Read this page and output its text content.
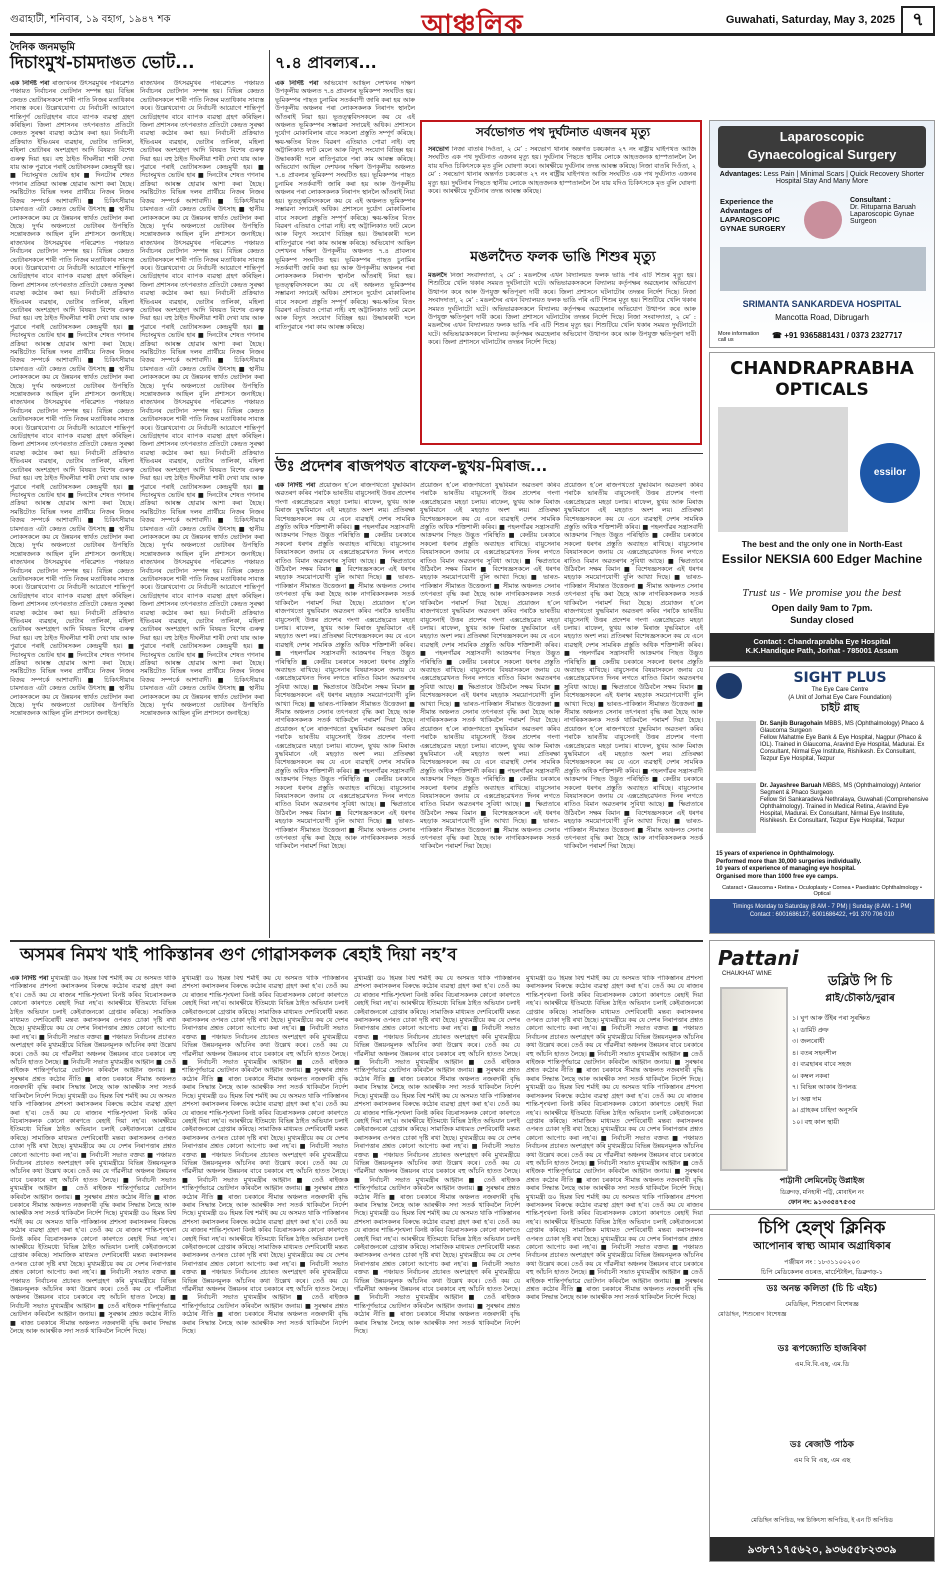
গুৱাহাটী, শনিবাৰ, ১৯ বহাগ, ১৯৪৭ শক	আঞ্চলিক	Guwahati, Saturday, May 3, 2025 ৭
দৈনিক জনমভূমি
দিচাংমুখ-চামদাঙত ভোট...
এক নিৰ্দিষ্ট পৰা ৰাজ্যখনৰ উৎসৱমুখৰ পৰিৱেশত পঞ্চায়ত নিৰ্বাচনৰ ভোটদান সম্পন্ন হয়। বিভিন্ন কেন্দ্ৰত ভোটাৰসকলে শাৰী পাতি নিজৰ মতাধিকাৰ সাব্যস্ত কৰে। উল্লেখযোগ্য যে নিৰ্বাচনী আয়োগে শান্তিপূৰ্ণ ভোটগ্ৰহণৰ বাবে ব্যাপক ব্যৱস্থা গ্ৰহণ কৰিছিল। জিলা প্ৰশাসনৰ তৎপৰতাত প্ৰতিটো কেন্দ্ৰত সুৰক্ষা ব্যৱস্থা কঠোৰ কৰা হয়। নিৰ্বাচনী প্ৰক্ৰিয়াত ইভিএমৰ ব্যৱহাৰ, ভোটাৰ তালিকা, মহিলা ভোটাৰৰ অংশগ্ৰহণ আদি বিষয়ত বিশেষ গুৰুত্ব দিয়া হয়। বহু ঠাইত দীঘলীয়া শাৰী দেখা যায় আৰু পুৱাৰে পৰাই ভোটাৰসকল কেন্দ্ৰমুখী হয়। ■ দিচাংমুখত ভোটৰ হাৰ ■ দিনটোৰ শেষত গণনাৰ প্ৰক্ৰিয়া আৰম্ভ হোৱাৰ আশা কৰা হৈছে। সমষ্টিটোত বিভিন্ন দলৰ প্ৰাৰ্থীয়ে নিজৰ নিজৰ বিজয় সম্পৰ্কে আশাবাদী। ■ চিকিৎসীয়াৰ চামদাঙত এটা কেন্দ্ৰত ভোটৰ উৎসাহ ■ স্থানীয় লোকসকলে কয় যে উন্নয়নৰ স্বাৰ্থত ভোটদান কৰা হৈছে। দুৰ্গম অঞ্চলতো ভোটাৰৰ উপস্থিতি সন্তোষজনক আছিল বুলি প্ৰশাসনে জনাইছে। ৰাজ্যখনৰ উৎসৱমুখৰ পৰিৱেশত পঞ্চায়ত নিৰ্বাচনৰ ভোটদান সম্পন্ন হয়। বিভিন্ন কেন্দ্ৰত ভোটাৰসকলে শাৰী পাতি নিজৰ মতাধিকাৰ সাব্যস্ত কৰে। উল্লেখযোগ্য যে নিৰ্বাচনী আয়োগে শান্তিপূৰ্ণ ভোটগ্ৰহণৰ বাবে ব্যাপক ব্যৱস্থা গ্ৰহণ কৰিছিল। জিলা প্ৰশাসনৰ তৎপৰতাত প্ৰতিটো কেন্দ্ৰত সুৰক্ষা ব্যৱস্থা কঠোৰ কৰা হয়। নিৰ্বাচনী প্ৰক্ৰিয়াত ইভিএমৰ ব্যৱহাৰ, ভোটাৰ তালিকা, মহিলা ভোটাৰৰ অংশগ্ৰহণ আদি বিষয়ত বিশেষ গুৰুত্ব দিয়া হয়। বহু ঠাইত দীঘলীয়া শাৰী দেখা যায় আৰু পুৱাৰে পৰাই ভোটাৰসকল কেন্দ্ৰমুখী হয়। ■ দিচাংমুখত ভোটৰ হাৰ ■ দিনটোৰ শেষত গণনাৰ প্ৰক্ৰিয়া আৰম্ভ হোৱাৰ আশা কৰা হৈছে। সমষ্টিটোত বিভিন্ন দলৰ প্ৰাৰ্থীয়ে নিজৰ নিজৰ বিজয় সম্পৰ্কে আশাবাদী। ■ চিকিৎসীয়াৰ চামদাঙত এটা কেন্দ্ৰত ভোটৰ উৎসাহ ■ স্থানীয় লোকসকলে কয় যে উন্নয়নৰ স্বাৰ্থত ভোটদান কৰা হৈছে। দুৰ্গম অঞ্চলতো ভোটাৰৰ উপস্থিতি সন্তোষজনক আছিল বুলি প্ৰশাসনে জনাইছে। ৰাজ্যখনৰ উৎসৱমুখৰ পৰিৱেশত পঞ্চায়ত নিৰ্বাচনৰ ভোটদান সম্পন্ন হয়। বিভিন্ন কেন্দ্ৰত ভোটাৰসকলে শাৰী পাতি নিজৰ মতাধিকাৰ সাব্যস্ত কৰে। উল্লেখযোগ্য যে নিৰ্বাচনী আয়োগে শান্তিপূৰ্ণ ভোটগ্ৰহণৰ বাবে ব্যাপক ব্যৱস্থা গ্ৰহণ কৰিছিল। জিলা প্ৰশাসনৰ তৎপৰতাত প্ৰতিটো কেন্দ্ৰত সুৰক্ষা ব্যৱস্থা কঠোৰ কৰা হয়। নিৰ্বাচনী প্ৰক্ৰিয়াত ইভিএমৰ ব্যৱহাৰ, ভোটাৰ তালিকা, মহিলা ভোটাৰৰ অংশগ্ৰহণ আদি বিষয়ত বিশেষ গুৰুত্ব দিয়া হয়। বহু ঠাইত দীঘলীয়া শাৰী দেখা যায় আৰু পুৱাৰে পৰাই ভোটাৰসকল কেন্দ্ৰমুখী হয়। ■ দিচাংমুখত ভোটৰ হাৰ ■ দিনটোৰ শেষত গণনাৰ প্ৰক্ৰিয়া আৰম্ভ হোৱাৰ আশা কৰা হৈছে। সমষ্টিটোত বিভিন্ন দলৰ প্ৰাৰ্থীয়ে নিজৰ নিজৰ বিজয় সম্পৰ্কে আশাবাদী। ■ চিকিৎসীয়াৰ চামদাঙত এটা কেন্দ্ৰত ভোটৰ উৎসাহ ■ স্থানীয় লোকসকলে কয় যে উন্নয়নৰ স্বাৰ্থত ভোটদান কৰা হৈছে। দুৰ্গম অঞ্চলতো ভোটাৰৰ উপস্থিতি সন্তোষজনক আছিল বুলি প্ৰশাসনে জনাইছে। ৰাজ্যখনৰ উৎসৱমুখৰ পৰিৱেশত পঞ্চায়ত নিৰ্বাচনৰ ভোটদান সম্পন্ন হয়। বিভিন্ন কেন্দ্ৰত ভোটাৰসকলে শাৰী পাতি নিজৰ মতাধিকাৰ সাব্যস্ত কৰে। উল্লেখযোগ্য যে নিৰ্বাচনী আয়োগে শান্তিপূৰ্ণ ভোটগ্ৰহণৰ বাবে ব্যাপক ব্যৱস্থা গ্ৰহণ কৰিছিল। জিলা প্ৰশাসনৰ তৎপৰতাত প্ৰতিটো কেন্দ্ৰত সুৰক্ষা ব্যৱস্থা কঠোৰ কৰা হয়। নিৰ্বাচনী প্ৰক্ৰিয়াত ইভিএমৰ ব্যৱহাৰ, ভোটাৰ তালিকা, মহিলা ভোটাৰৰ অংশগ্ৰহণ আদি বিষয়ত বিশেষ গুৰুত্ব দিয়া হয়। বহু ঠাইত দীঘলীয়া শাৰী দেখা যায় আৰু পুৱাৰে পৰাই ভোটাৰসকল কেন্দ্ৰমুখী হয়। ■ দিচাংমুখত ভোটৰ হাৰ ■ দিনটোৰ শেষত গণনাৰ প্ৰক্ৰিয়া আৰম্ভ হোৱাৰ আশা কৰা হৈছে। সমষ্টিটোত বিভিন্ন দলৰ প্ৰাৰ্থীয়ে নিজৰ নিজৰ বিজয় সম্পৰ্কে আশাবাদী। ■ চিকিৎসীয়াৰ চামদাঙত এটা কেন্দ্ৰত ভোটৰ উৎসাহ ■ স্থানীয় লোকসকলে কয় যে উন্নয়নৰ স্বাৰ্থত ভোটদান কৰা হৈছে। দুৰ্গম অঞ্চলতো ভোটাৰৰ উপস্থিতি সন্তোষজনক আছিল বুলি প্ৰশাসনে জনাইছে।
ৰাজ্যখনৰ উৎসৱমুখৰ পৰিৱেশত পঞ্চায়ত নিৰ্বাচনৰ ভোটদান সম্পন্ন হয়। বিভিন্ন কেন্দ্ৰত ভোটাৰসকলে শাৰী পাতি নিজৰ মতাধিকাৰ সাব্যস্ত কৰে। উল্লেখযোগ্য যে নিৰ্বাচনী আয়োগে শান্তিপূৰ্ণ ভোটগ্ৰহণৰ বাবে ব্যাপক ব্যৱস্থা গ্ৰহণ কৰিছিল। জিলা প্ৰশাসনৰ তৎপৰতাত প্ৰতিটো কেন্দ্ৰত সুৰক্ষা ব্যৱস্থা কঠোৰ কৰা হয়। নিৰ্বাচনী প্ৰক্ৰিয়াত ইভিএমৰ ব্যৱহাৰ, ভোটাৰ তালিকা, মহিলা ভোটাৰৰ অংশগ্ৰহণ আদি বিষয়ত বিশেষ গুৰুত্ব দিয়া হয়। বহু ঠাইত দীঘলীয়া শাৰী দেখা যায় আৰু পুৱাৰে পৰাই ভোটাৰসকল কেন্দ্ৰমুখী হয়। ■ দিচাংমুখত ভোটৰ হাৰ ■ দিনটোৰ শেষত গণনাৰ প্ৰক্ৰিয়া আৰম্ভ হোৱাৰ আশা কৰা হৈছে। সমষ্টিটোত বিভিন্ন দলৰ প্ৰাৰ্থীয়ে নিজৰ নিজৰ বিজয় সম্পৰ্কে আশাবাদী। ■ চিকিৎসীয়াৰ চামদাঙত এটা কেন্দ্ৰত ভোটৰ উৎসাহ ■ স্থানীয় লোকসকলে কয় যে উন্নয়নৰ স্বাৰ্থত ভোটদান কৰা হৈছে। দুৰ্গম অঞ্চলতো ভোটাৰৰ উপস্থিতি সন্তোষজনক আছিল বুলি প্ৰশাসনে জনাইছে। ৰাজ্যখনৰ উৎসৱমুখৰ পৰিৱেশত পঞ্চায়ত নিৰ্বাচনৰ ভোটদান সম্পন্ন হয়। বিভিন্ন কেন্দ্ৰত ভোটাৰসকলে শাৰী পাতি নিজৰ মতাধিকাৰ সাব্যস্ত কৰে। উল্লেখযোগ্য যে নিৰ্বাচনী আয়োগে শান্তিপূৰ্ণ ভোটগ্ৰহণৰ বাবে ব্যাপক ব্যৱস্থা গ্ৰহণ কৰিছিল। জিলা প্ৰশাসনৰ তৎপৰতাত প্ৰতিটো কেন্দ্ৰত সুৰক্ষা ব্যৱস্থা কঠোৰ কৰা হয়। নিৰ্বাচনী প্ৰক্ৰিয়াত ইভিএমৰ ব্যৱহাৰ, ভোটাৰ তালিকা, মহিলা ভোটাৰৰ অংশগ্ৰহণ আদি বিষয়ত বিশেষ গুৰুত্ব দিয়া হয়। বহু ঠাইত দীঘলীয়া শাৰী দেখা যায় আৰু পুৱাৰে পৰাই ভোটাৰসকল কেন্দ্ৰমুখী হয়। ■ দিচাংমুখত ভোটৰ হাৰ ■ দিনটোৰ শেষত গণনাৰ প্ৰক্ৰিয়া আৰম্ভ হোৱাৰ আশা কৰা হৈছে। সমষ্টিটোত বিভিন্ন দলৰ প্ৰাৰ্থীয়ে নিজৰ নিজৰ বিজয় সম্পৰ্কে আশাবাদী। ■ চিকিৎসীয়াৰ চামদাঙত এটা কেন্দ্ৰত ভোটৰ উৎসাহ ■ স্থানীয় লোকসকলে কয় যে উন্নয়নৰ স্বাৰ্থত ভোটদান কৰা হৈছে। দুৰ্গম অঞ্চলতো ভোটাৰৰ উপস্থিতি সন্তোষজনক আছিল বুলি প্ৰশাসনে জনাইছে। ৰাজ্যখনৰ উৎসৱমুখৰ পৰিৱেশত পঞ্চায়ত নিৰ্বাচনৰ ভোটদান সম্পন্ন হয়। বিভিন্ন কেন্দ্ৰত ভোটাৰসকলে শাৰী পাতি নিজৰ মতাধিকাৰ সাব্যস্ত কৰে। উল্লেখযোগ্য যে নিৰ্বাচনী আয়োগে শান্তিপূৰ্ণ ভোটগ্ৰহণৰ বাবে ব্যাপক ব্যৱস্থা গ্ৰহণ কৰিছিল। জিলা প্ৰশাসনৰ তৎপৰতাত প্ৰতিটো কেন্দ্ৰত সুৰক্ষা ব্যৱস্থা কঠোৰ কৰা হয়। নিৰ্বাচনী প্ৰক্ৰিয়াত ইভিএমৰ ব্যৱহাৰ, ভোটাৰ তালিকা, মহিলা ভোটাৰৰ অংশগ্ৰহণ আদি বিষয়ত বিশেষ গুৰুত্ব দিয়া হয়। বহু ঠাইত দীঘলীয়া শাৰী দেখা যায় আৰু পুৱাৰে পৰাই ভোটাৰসকল কেন্দ্ৰমুখী হয়। ■ দিচাংমুখত ভোটৰ হাৰ ■ দিনটোৰ শেষত গণনাৰ প্ৰক্ৰিয়া আৰম্ভ হোৱাৰ আশা কৰা হৈছে। সমষ্টিটোত বিভিন্ন দলৰ প্ৰাৰ্থীয়ে নিজৰ নিজৰ বিজয় সম্পৰ্কে আশাবাদী। ■ চিকিৎসীয়াৰ চামদাঙত এটা কেন্দ্ৰত ভোটৰ উৎসাহ ■ স্থানীয় লোকসকলে কয় যে উন্নয়নৰ স্বাৰ্থত ভোটদান কৰা হৈছে। দুৰ্গম অঞ্চলতো ভোটাৰৰ উপস্থিতি সন্তোষজনক আছিল বুলি প্ৰশাসনে জনাইছে। ৰাজ্যখনৰ উৎসৱমুখৰ পৰিৱেশত পঞ্চায়ত নিৰ্বাচনৰ ভোটদান সম্পন্ন হয়। বিভিন্ন কেন্দ্ৰত ভোটাৰসকলে শাৰী পাতি নিজৰ মতাধিকাৰ সাব্যস্ত কৰে। উল্লেখযোগ্য যে নিৰ্বাচনী আয়োগে শান্তিপূৰ্ণ ভোটগ্ৰহণৰ বাবে ব্যাপক ব্যৱস্থা গ্ৰহণ কৰিছিল। জিলা প্ৰশাসনৰ তৎপৰতাত প্ৰতিটো কেন্দ্ৰত সুৰক্ষা ব্যৱস্থা কঠোৰ কৰা হয়। নিৰ্বাচনী প্ৰক্ৰিয়াত ইভিএমৰ ব্যৱহাৰ, ভোটাৰ তালিকা, মহিলা ভোটাৰৰ অংশগ্ৰহণ আদি বিষয়ত বিশেষ গুৰুত্ব দিয়া হয়। বহু ঠাইত দীঘলীয়া শাৰী দেখা যায় আৰু পুৱাৰে পৰাই ভোটাৰসকল কেন্দ্ৰমুখী হয়। ■ দিচাংমুখত ভোটৰ হাৰ ■ দিনটোৰ শেষত গণনাৰ প্ৰক্ৰিয়া আৰম্ভ হোৱাৰ আশা কৰা হৈছে। সমষ্টিটোত বিভিন্ন দলৰ প্ৰাৰ্থীয়ে নিজৰ নিজৰ বিজয় সম্পৰ্কে আশাবাদী। ■ চিকিৎসীয়াৰ চামদাঙত এটা কেন্দ্ৰত ভোটৰ উৎসাহ ■ স্থানীয় লোকসকলে কয় যে উন্নয়নৰ স্বাৰ্থত ভোটদান কৰা হৈছে। দুৰ্গম অঞ্চলতো ভোটাৰৰ উপস্থিতি সন্তোষজনক আছিল বুলি প্ৰশাসনে জনাইছে।
৭.৪ প্ৰাবল্যৰ...
এক নিৰ্দিষ্ট পৰা অভিযোগ আছিল দেশখনৰ দক্ষিণ উপকূলীয় অঞ্চলত ৭.৪ প্ৰাবল্যৰ ভূমিকম্প সংঘটিত হয়। ভূমিকম্পৰ পাছত চুনামিৰ সতৰ্কবাণী জাৰি কৰা হয় আৰু উপকূলীয় অঞ্চলৰ পৰা লোকসকলক নিৰাপদ স্থানলৈ আঁতৰাই নিয়া হয়। ভূতত্ত্ববিদসকলে কয় যে এই অঞ্চলত ভূমিকম্পৰ সম্ভাৱনা সদায়েই অধিক। প্ৰশাসনে দুৰ্যোগ মোকাবিলাৰ বাবে সকলো প্ৰস্তুতি সম্পূৰ্ণ কৰিছে। ক্ষয়-ক্ষতিৰ বিতং বিৱৰণ এতিয়াও পোৱা নাই। বহু অট্টালিকাত ফাট মেলে আৰু বিদ্যুৎ সংযোগ বিচ্ছিন্ন হয়। উদ্ধাৰকাৰী দলে ৰাতিপুৱাৰে পৰা কাম আৰম্ভ কৰিছে। অভিযোগ আছিল দেশখনৰ দক্ষিণ উপকূলীয় অঞ্চলত ৭.৪ প্ৰাবল্যৰ ভূমিকম্প সংঘটিত হয়। ভূমিকম্পৰ পাছত চুনামিৰ সতৰ্কবাণী জাৰি কৰা হয় আৰু উপকূলীয় অঞ্চলৰ পৰা লোকসকলক নিৰাপদ স্থানলৈ আঁতৰাই নিয়া হয়। ভূতত্ত্ববিদসকলে কয় যে এই অঞ্চলত ভূমিকম্পৰ সম্ভাৱনা সদায়েই অধিক। প্ৰশাসনে দুৰ্যোগ মোকাবিলাৰ বাবে সকলো প্ৰস্তুতি সম্পূৰ্ণ কৰিছে। ক্ষয়-ক্ষতিৰ বিতং বিৱৰণ এতিয়াও পোৱা নাই। বহু অট্টালিকাত ফাট মেলে আৰু বিদ্যুৎ সংযোগ বিচ্ছিন্ন হয়। উদ্ধাৰকাৰী দলে ৰাতিপুৱাৰে পৰা কাম আৰম্ভ কৰিছে। অভিযোগ আছিল দেশখনৰ দক্ষিণ উপকূলীয় অঞ্চলত ৭.৪ প্ৰাবল্যৰ ভূমিকম্প সংঘটিত হয়। ভূমিকম্পৰ পাছত চুনামিৰ সতৰ্কবাণী জাৰি কৰা হয় আৰু উপকূলীয় অঞ্চলৰ পৰা লোকসকলক নিৰাপদ স্থানলৈ আঁতৰাই নিয়া হয়। ভূতত্ত্ববিদসকলে কয় যে এই অঞ্চলত ভূমিকম্পৰ সম্ভাৱনা সদায়েই অধিক। প্ৰশাসনে দুৰ্যোগ মোকাবিলাৰ বাবে সকলো প্ৰস্তুতি সম্পূৰ্ণ কৰিছে। ক্ষয়-ক্ষতিৰ বিতং বিৱৰণ এতিয়াও পোৱা নাই। বহু অট্টালিকাত ফাট মেলে আৰু বিদ্যুৎ সংযোগ বিচ্ছিন্ন হয়। উদ্ধাৰকাৰী দলে ৰাতিপুৱাৰে পৰা কাম আৰম্ভ কৰিছে।
সৰ্বভোগত পথ দুৰ্ঘটনাত এজনৰ মৃত্যু
সৰভোগ নিজা বাতৰি দিওঁতা, ২ মে’ : সৰভোগ থানাৰ অন্তৰ্গত চকচকাত ২৭ নং ৰাষ্ট্ৰীয় ঘাইপথত আজি সংঘটিত এক পথ দুৰ্ঘটনাত এজনৰ মৃত্যু হয়। দুৰ্ঘটনাৰ পিছতে স্থানীয় লোকে আহতজনক হাস্পতাললৈ লৈ যায় যদিও চিকিৎসকে মৃত বুলি ঘোষণা কৰে। আৰক্ষীয়ে দুৰ্ঘটনাৰ তদন্ত আৰম্ভ কৰিছে। নিজা বাতৰি দিওঁতা, ২ মে’ : সৰভোগ থানাৰ অন্তৰ্গত চকচকাত ২৭ নং ৰাষ্ট্ৰীয় ঘাইপথত আজি সংঘটিত এক পথ দুৰ্ঘটনাত এজনৰ মৃত্যু হয়। দুৰ্ঘটনাৰ পিছতে স্থানীয় লোকে আহতজনক হাস্পতাললৈ লৈ যায় যদিও চিকিৎসকে মৃত বুলি ঘোষণা কৰে। আৰক্ষীয়ে দুৰ্ঘটনাৰ তদন্ত আৰম্ভ কৰিছে।
মঙলদৈত ফলক ভাঙি শিশুৰ মৃত্যু
মঙলদৈ নিজা সংবাদদাতা, ২ মে’ : মঙলদৈৰ এখন বিদ্যালয়ত ফলক ভাঙি পৰি এটি শিশুৰ মৃত্যু হয়। শিশুটিয়ে খেলি থকাৰ সময়ত দুৰ্ঘটনাটো ঘটে। অভিভাৱকসকলে বিদ্যালয় কৰ্তৃপক্ষৰ অৱহেলাৰ অভিযোগ উত্থাপন কৰে আৰু উপযুক্ত ক্ষতিপূৰণ দাবী কৰে। জিলা প্ৰশাসনে ঘটনাটোৰ তদন্তৰ নিৰ্দেশ দিছে। নিজা সংবাদদাতা, ২ মে’ : মঙলদৈৰ এখন বিদ্যালয়ত ফলক ভাঙি পৰি এটি শিশুৰ মৃত্যু হয়। শিশুটিয়ে খেলি থকাৰ সময়ত দুৰ্ঘটনাটো ঘটে। অভিভাৱকসকলে বিদ্যালয় কৰ্তৃপক্ষৰ অৱহেলাৰ অভিযোগ উত্থাপন কৰে আৰু উপযুক্ত ক্ষতিপূৰণ দাবী কৰে। জিলা প্ৰশাসনে ঘটনাটোৰ তদন্তৰ নিৰ্দেশ দিছে। নিজা সংবাদদাতা, ২ মে’ : মঙলদৈৰ এখন বিদ্যালয়ত ফলক ভাঙি পৰি এটি শিশুৰ মৃত্যু হয়। শিশুটিয়ে খেলি থকাৰ সময়ত দুৰ্ঘটনাটো ঘটে। অভিভাৱকসকলে বিদ্যালয় কৰ্তৃপক্ষৰ অৱহেলাৰ অভিযোগ উত্থাপন কৰে আৰু উপযুক্ত ক্ষতিপূৰণ দাবী কৰে। জিলা প্ৰশাসনে ঘটনাটোৰ তদন্তৰ নিৰ্দেশ দিছে।
উঃ প্ৰদেশৰ ৰাজপথত ৰাফেল-ছুখয়-মিৰাজ...
এক নিৰ্দিষ্ট পৰা প্ৰয়োজন হ’লে ৰাজপথতো যুদ্ধবিমান অৱতৰণ কৰিব পৰাকৈ ভাৰতীয় বায়ুসেনাই উত্তৰ প্ৰদেশৰ গংগা এক্সপ্ৰেছৱেত মহড়া চলায়। ৰাফেল, ছুখয় আৰু মিৰাজ যুদ্ধবিমানে এই মহড়াত অংশ লয়। প্ৰতিৰক্ষা বিশেষজ্ঞসকলে কয় যে এনে ব্যৱস্থাই দেশৰ সামৰিক প্ৰস্তুতি অধিক শক্তিশালী কৰিব। ■ পহলগাঁৱৰ সন্ত্ৰাসবাদী আক্ৰমণৰ পিছত উদ্ভূত পৰিস্থিতি ■ কেন্দ্ৰীয় চৰকাৰে সকলো ধৰণৰ প্ৰস্তুতি অব্যাহত ৰাখিছে। বায়ুসেনাৰ বিষয়াসকলে জনায় যে এক্সপ্ৰেছৱেখনত দিনৰ লগতে ৰাতিও বিমান অৱতৰণৰ সুবিধা আছে। ■ ক্ষিপ্ৰতাৰে উঠিবলৈ সক্ষম বিমান ■ বিশেষজ্ঞসকলে এই ধৰণৰ মহড়াক সময়োপযোগী বুলি আখ্যা দিছে। ■ ভাৰত-পাকিস্তান সীমান্তত উত্তেজনা ■ সীমান্ত অঞ্চলত সেনাৰ তৎপৰতা বৃদ্ধি কৰা হৈছে আৰু নাগৰিকসকলক সতৰ্ক থাকিবলৈ পৰামৰ্শ দিয়া হৈছে। প্ৰয়োজন হ’লে ৰাজপথতো যুদ্ধবিমান অৱতৰণ কৰিব পৰাকৈ ভাৰতীয় বায়ুসেনাই উত্তৰ প্ৰদেশৰ গংগা এক্সপ্ৰেছৱেত মহড়া চলায়। ৰাফেল, ছুখয় আৰু মিৰাজ যুদ্ধবিমানে এই মহড়াত অংশ লয়। প্ৰতিৰক্ষা বিশেষজ্ঞসকলে কয় যে এনে ব্যৱস্থাই দেশৰ সামৰিক প্ৰস্তুতি অধিক শক্তিশালী কৰিব। ■ পহলগাঁৱৰ সন্ত্ৰাসবাদী আক্ৰমণৰ পিছত উদ্ভূত পৰিস্থিতি ■ কেন্দ্ৰীয় চৰকাৰে সকলো ধৰণৰ প্ৰস্তুতি অব্যাহত ৰাখিছে। বায়ুসেনাৰ বিষয়াসকলে জনায় যে এক্সপ্ৰেছৱেখনত দিনৰ লগতে ৰাতিও বিমান অৱতৰণৰ সুবিধা আছে। ■ ক্ষিপ্ৰতাৰে উঠিবলৈ সক্ষম বিমান ■ বিশেষজ্ঞসকলে এই ধৰণৰ মহড়াক সময়োপযোগী বুলি আখ্যা দিছে। ■ ভাৰত-পাকিস্তান সীমান্তত উত্তেজনা ■ সীমান্ত অঞ্চলত সেনাৰ তৎপৰতা বৃদ্ধি কৰা হৈছে আৰু নাগৰিকসকলক সতৰ্ক থাকিবলৈ পৰামৰ্শ দিয়া হৈছে। প্ৰয়োজন হ’লে ৰাজপথতো যুদ্ধবিমান অৱতৰণ কৰিব পৰাকৈ ভাৰতীয় বায়ুসেনাই উত্তৰ প্ৰদেশৰ গংগা এক্সপ্ৰেছৱেত মহড়া চলায়। ৰাফেল, ছুখয় আৰু মিৰাজ যুদ্ধবিমানে এই মহড়াত অংশ লয়। প্ৰতিৰক্ষা বিশেষজ্ঞসকলে কয় যে এনে ব্যৱস্থাই দেশৰ সামৰিক প্ৰস্তুতি অধিক শক্তিশালী কৰিব। ■ পহলগাঁৱৰ সন্ত্ৰাসবাদী আক্ৰমণৰ পিছত উদ্ভূত পৰিস্থিতি ■ কেন্দ্ৰীয় চৰকাৰে সকলো ধৰণৰ প্ৰস্তুতি অব্যাহত ৰাখিছে। বায়ুসেনাৰ বিষয়াসকলে জনায় যে এক্সপ্ৰেছৱেখনত দিনৰ লগতে ৰাতিও বিমান অৱতৰণৰ সুবিধা আছে। ■ ক্ষিপ্ৰতাৰে উঠিবলৈ সক্ষম বিমান ■ বিশেষজ্ঞসকলে এই ধৰণৰ মহড়াক সময়োপযোগী বুলি আখ্যা দিছে। ■ ভাৰত-পাকিস্তান সীমান্তত উত্তেজনা ■ সীমান্ত অঞ্চলত সেনাৰ তৎপৰতা বৃদ্ধি কৰা হৈছে আৰু নাগৰিকসকলক সতৰ্ক থাকিবলৈ পৰামৰ্শ দিয়া হৈছে।
প্ৰয়োজন হ’লে ৰাজপথতো যুদ্ধবিমান অৱতৰণ কৰিব পৰাকৈ ভাৰতীয় বায়ুসেনাই উত্তৰ প্ৰদেশৰ গংগা এক্সপ্ৰেছৱেত মহড়া চলায়। ৰাফেল, ছুখয় আৰু মিৰাজ যুদ্ধবিমানে এই মহড়াত অংশ লয়। প্ৰতিৰক্ষা বিশেষজ্ঞসকলে কয় যে এনে ব্যৱস্থাই দেশৰ সামৰিক প্ৰস্তুতি অধিক শক্তিশালী কৰিব। ■ পহলগাঁৱৰ সন্ত্ৰাসবাদী আক্ৰমণৰ পিছত উদ্ভূত পৰিস্থিতি ■ কেন্দ্ৰীয় চৰকাৰে সকলো ধৰণৰ প্ৰস্তুতি অব্যাহত ৰাখিছে। বায়ুসেনাৰ বিষয়াসকলে জনায় যে এক্সপ্ৰেছৱেখনত দিনৰ লগতে ৰাতিও বিমান অৱতৰণৰ সুবিধা আছে। ■ ক্ষিপ্ৰতাৰে উঠিবলৈ সক্ষম বিমান ■ বিশেষজ্ঞসকলে এই ধৰণৰ মহড়াক সময়োপযোগী বুলি আখ্যা দিছে। ■ ভাৰত-পাকিস্তান সীমান্তত উত্তেজনা ■ সীমান্ত অঞ্চলত সেনাৰ তৎপৰতা বৃদ্ধি কৰা হৈছে আৰু নাগৰিকসকলক সতৰ্ক থাকিবলৈ পৰামৰ্শ দিয়া হৈছে। প্ৰয়োজন হ’লে ৰাজপথতো যুদ্ধবিমান অৱতৰণ কৰিব পৰাকৈ ভাৰতীয় বায়ুসেনাই উত্তৰ প্ৰদেশৰ গংগা এক্সপ্ৰেছৱেত মহড়া চলায়। ৰাফেল, ছুখয় আৰু মিৰাজ যুদ্ধবিমানে এই মহড়াত অংশ লয়। প্ৰতিৰক্ষা বিশেষজ্ঞসকলে কয় যে এনে ব্যৱস্থাই দেশৰ সামৰিক প্ৰস্তুতি অধিক শক্তিশালী কৰিব। ■ পহলগাঁৱৰ সন্ত্ৰাসবাদী আক্ৰমণৰ পিছত উদ্ভূত পৰিস্থিতি ■ কেন্দ্ৰীয় চৰকাৰে সকলো ধৰণৰ প্ৰস্তুতি অব্যাহত ৰাখিছে। বায়ুসেনাৰ বিষয়াসকলে জনায় যে এক্সপ্ৰেছৱেখনত দিনৰ লগতে ৰাতিও বিমান অৱতৰণৰ সুবিধা আছে। ■ ক্ষিপ্ৰতাৰে উঠিবলৈ সক্ষম বিমান ■ বিশেষজ্ঞসকলে এই ধৰণৰ মহড়াক সময়োপযোগী বুলি আখ্যা দিছে। ■ ভাৰত-পাকিস্তান সীমান্তত উত্তেজনা ■ সীমান্ত অঞ্চলত সেনাৰ তৎপৰতা বৃদ্ধি কৰা হৈছে আৰু নাগৰিকসকলক সতৰ্ক থাকিবলৈ পৰামৰ্শ দিয়া হৈছে। প্ৰয়োজন হ’লে ৰাজপথতো যুদ্ধবিমান অৱতৰণ কৰিব পৰাকৈ ভাৰতীয় বায়ুসেনাই উত্তৰ প্ৰদেশৰ গংগা এক্সপ্ৰেছৱেত মহড়া চলায়। ৰাফেল, ছুখয় আৰু মিৰাজ যুদ্ধবিমানে এই মহড়াত অংশ লয়। প্ৰতিৰক্ষা বিশেষজ্ঞসকলে কয় যে এনে ব্যৱস্থাই দেশৰ সামৰিক প্ৰস্তুতি অধিক শক্তিশালী কৰিব। ■ পহলগাঁৱৰ সন্ত্ৰাসবাদী আক্ৰমণৰ পিছত উদ্ভূত পৰিস্থিতি ■ কেন্দ্ৰীয় চৰকাৰে সকলো ধৰণৰ প্ৰস্তুতি অব্যাহত ৰাখিছে। বায়ুসেনাৰ বিষয়াসকলে জনায় যে এক্সপ্ৰেছৱেখনত দিনৰ লগতে ৰাতিও বিমান অৱতৰণৰ সুবিধা আছে। ■ ক্ষিপ্ৰতাৰে উঠিবলৈ সক্ষম বিমান ■ বিশেষজ্ঞসকলে এই ধৰণৰ মহড়াক সময়োপযোগী বুলি আখ্যা দিছে। ■ ভাৰত-পাকিস্তান সীমান্তত উত্তেজনা ■ সীমান্ত অঞ্চলত সেনাৰ তৎপৰতা বৃদ্ধি কৰা হৈছে আৰু নাগৰিকসকলক সতৰ্ক থাকিবলৈ পৰামৰ্শ দিয়া হৈছে।
প্ৰয়োজন হ’লে ৰাজপথতো যুদ্ধবিমান অৱতৰণ কৰিব পৰাকৈ ভাৰতীয় বায়ুসেনাই উত্তৰ প্ৰদেশৰ গংগা এক্সপ্ৰেছৱেত মহড়া চলায়। ৰাফেল, ছুখয় আৰু মিৰাজ যুদ্ধবিমানে এই মহড়াত অংশ লয়। প্ৰতিৰক্ষা বিশেষজ্ঞসকলে কয় যে এনে ব্যৱস্থাই দেশৰ সামৰিক প্ৰস্তুতি অধিক শক্তিশালী কৰিব। ■ পহলগাঁৱৰ সন্ত্ৰাসবাদী আক্ৰমণৰ পিছত উদ্ভূত পৰিস্থিতি ■ কেন্দ্ৰীয় চৰকাৰে সকলো ধৰণৰ প্ৰস্তুতি অব্যাহত ৰাখিছে। বায়ুসেনাৰ বিষয়াসকলে জনায় যে এক্সপ্ৰেছৱেখনত দিনৰ লগতে ৰাতিও বিমান অৱতৰণৰ সুবিধা আছে। ■ ক্ষিপ্ৰতাৰে উঠিবলৈ সক্ষম বিমান ■ বিশেষজ্ঞসকলে এই ধৰণৰ মহড়াক সময়োপযোগী বুলি আখ্যা দিছে। ■ ভাৰত-পাকিস্তান সীমান্তত উত্তেজনা ■ সীমান্ত অঞ্চলত সেনাৰ তৎপৰতা বৃদ্ধি কৰা হৈছে আৰু নাগৰিকসকলক সতৰ্ক থাকিবলৈ পৰামৰ্শ দিয়া হৈছে। প্ৰয়োজন হ’লে ৰাজপথতো যুদ্ধবিমান অৱতৰণ কৰিব পৰাকৈ ভাৰতীয় বায়ুসেনাই উত্তৰ প্ৰদেশৰ গংগা এক্সপ্ৰেছৱেত মহড়া চলায়। ৰাফেল, ছুখয় আৰু মিৰাজ যুদ্ধবিমানে এই মহড়াত অংশ লয়। প্ৰতিৰক্ষা বিশেষজ্ঞসকলে কয় যে এনে ব্যৱস্থাই দেশৰ সামৰিক প্ৰস্তুতি অধিক শক্তিশালী কৰিব। ■ পহলগাঁৱৰ সন্ত্ৰাসবাদী আক্ৰমণৰ পিছত উদ্ভূত পৰিস্থিতি ■ কেন্দ্ৰীয় চৰকাৰে সকলো ধৰণৰ প্ৰস্তুতি অব্যাহত ৰাখিছে। বায়ুসেনাৰ বিষয়াসকলে জনায় যে এক্সপ্ৰেছৱেখনত দিনৰ লগতে ৰাতিও বিমান অৱতৰণৰ সুবিধা আছে। ■ ক্ষিপ্ৰতাৰে উঠিবলৈ সক্ষম বিমান ■ বিশেষজ্ঞসকলে এই ধৰণৰ মহড়াক সময়োপযোগী বুলি আখ্যা দিছে। ■ ভাৰত-পাকিস্তান সীমান্তত উত্তেজনা ■ সীমান্ত অঞ্চলত সেনাৰ তৎপৰতা বৃদ্ধি কৰা হৈছে আৰু নাগৰিকসকলক সতৰ্ক থাকিবলৈ পৰামৰ্শ দিয়া হৈছে। প্ৰয়োজন হ’লে ৰাজপথতো যুদ্ধবিমান অৱতৰণ কৰিব পৰাকৈ ভাৰতীয় বায়ুসেনাই উত্তৰ প্ৰদেশৰ গংগা এক্সপ্ৰেছৱেত মহড়া চলায়। ৰাফেল, ছুখয় আৰু মিৰাজ যুদ্ধবিমানে এই মহড়াত অংশ লয়। প্ৰতিৰক্ষা বিশেষজ্ঞসকলে কয় যে এনে ব্যৱস্থাই দেশৰ সামৰিক প্ৰস্তুতি অধিক শক্তিশালী কৰিব। ■ পহলগাঁৱৰ সন্ত্ৰাসবাদী আক্ৰমণৰ পিছত উদ্ভূত পৰিস্থিতি ■ কেন্দ্ৰীয় চৰকাৰে সকলো ধৰণৰ প্ৰস্তুতি অব্যাহত ৰাখিছে। বায়ুসেনাৰ বিষয়াসকলে জনায় যে এক্সপ্ৰেছৱেখনত দিনৰ লগতে ৰাতিও বিমান অৱতৰণৰ সুবিধা আছে। ■ ক্ষিপ্ৰতাৰে উঠিবলৈ সক্ষম বিমান ■ বিশেষজ্ঞসকলে এই ধৰণৰ মহড়াক সময়োপযোগী বুলি আখ্যা দিছে। ■ ভাৰত-পাকিস্তান সীমান্তত উত্তেজনা ■ সীমান্ত অঞ্চলত সেনাৰ তৎপৰতা বৃদ্ধি কৰা হৈছে আৰু নাগৰিকসকলক সতৰ্ক থাকিবলৈ পৰামৰ্শ দিয়া হৈছে।
অসমৰ নিমখ খাই পাকিস্তানৰ গুণ গোৱাসকলক ৰেহাই দিয়া নহ’ব
এক নিৰ্দিষ্ট পৰা মুখ্যমন্ত্ৰী ড০ হিমন্ত বিশ্ব শৰ্মাই কয় যে অসমত থাকি পাকিস্তানৰ প্ৰশংসা কৰাসকলৰ বিৰুদ্ধে কঠোৰ ব্যৱস্থা গ্ৰহণ কৰা হ’ব। তেওঁ কয় যে ৰাজ্যৰ শান্তি-শৃংখলা বিনষ্ট কৰিব বিচৰাসকলক কোনো কাৰণতে ৰেহাই দিয়া নহ’ব। আৰক্ষীয়ে ইতিমধ্যে বিভিন্ন ঠাইত অভিযান চলাই কেইবাজনকো গ্ৰেপ্তাৰ কৰিছে। সামাজিক মাধ্যমত দেশবিৰোধী মন্তব্য কৰাসকলৰ ওপৰত চোকা দৃষ্টি ৰখা হৈছে। মুখ্যমন্ত্ৰীয়ে কয় যে দেশৰ নিৰাপত্তাৰ প্ৰশ্নত কোনো আপোচ কৰা নহ’ব। ■ নিৰ্বাচনী সভাত বক্তব্য ■ পঞ্চায়ত নিৰ্বাচনৰ প্ৰচাৰত অংশগ্ৰহণ কৰি মুখ্যমন্ত্ৰীয়ে বিভিন্ন উন্নয়নমূলক আঁচনিৰ কথা উল্লেখ কৰে। তেওঁ কয় যে গাঁৱলীয়া অঞ্চলৰ উন্নয়নৰ বাবে চৰকাৰে বহু আঁচনি হাতত লৈছে। ■ নিৰ্বাচনী সভাত মুখ্যমন্ত্ৰীৰ আহ্বান ■ তেওঁ ৰাইজক শান্তিপূৰ্ণভাৱে ভোটদান কৰিবলৈ আহ্বান জনায়। ■ সুৰক্ষাৰ প্ৰশ্নত কঠোৰ নীতি ■ ৰাজ্য চৰকাৰে সীমান্ত অঞ্চলত নজৰদাৰী বৃদ্ধি কৰাৰ সিদ্ধান্ত লৈছে আৰু আৰক্ষীক সদা সতৰ্ক থাকিবলৈ নিৰ্দেশ দিছে। মুখ্যমন্ত্ৰী ড০ হিমন্ত বিশ্ব শৰ্মাই কয় যে অসমত থাকি পাকিস্তানৰ প্ৰশংসা কৰাসকলৰ বিৰুদ্ধে কঠোৰ ব্যৱস্থা গ্ৰহণ কৰা হ’ব। তেওঁ কয় যে ৰাজ্যৰ শান্তি-শৃংখলা বিনষ্ট কৰিব বিচৰাসকলক কোনো কাৰণতে ৰেহাই দিয়া নহ’ব। আৰক্ষীয়ে ইতিমধ্যে বিভিন্ন ঠাইত অভিযান চলাই কেইবাজনকো গ্ৰেপ্তাৰ কৰিছে। সামাজিক মাধ্যমত দেশবিৰোধী মন্তব্য কৰাসকলৰ ওপৰত চোকা দৃষ্টি ৰখা হৈছে। মুখ্যমন্ত্ৰীয়ে কয় যে দেশৰ নিৰাপত্তাৰ প্ৰশ্নত কোনো আপোচ কৰা নহ’ব। ■ নিৰ্বাচনী সভাত বক্তব্য ■ পঞ্চায়ত নিৰ্বাচনৰ প্ৰচাৰত অংশগ্ৰহণ কৰি মুখ্যমন্ত্ৰীয়ে বিভিন্ন উন্নয়নমূলক আঁচনিৰ কথা উল্লেখ কৰে। তেওঁ কয় যে গাঁৱলীয়া অঞ্চলৰ উন্নয়নৰ বাবে চৰকাৰে বহু আঁচনি হাতত লৈছে। ■ নিৰ্বাচনী সভাত মুখ্যমন্ত্ৰীৰ আহ্বান ■ তেওঁ ৰাইজক শান্তিপূৰ্ণভাৱে ভোটদান কৰিবলৈ আহ্বান জনায়। ■ সুৰক্ষাৰ প্ৰশ্নত কঠোৰ নীতি ■ ৰাজ্য চৰকাৰে সীমান্ত অঞ্চলত নজৰদাৰী বৃদ্ধি কৰাৰ সিদ্ধান্ত লৈছে আৰু আৰক্ষীক সদা সতৰ্ক থাকিবলৈ নিৰ্দেশ দিছে। মুখ্যমন্ত্ৰী ড০ হিমন্ত বিশ্ব শৰ্মাই কয় যে অসমত থাকি পাকিস্তানৰ প্ৰশংসা কৰাসকলৰ বিৰুদ্ধে কঠোৰ ব্যৱস্থা গ্ৰহণ কৰা হ’ব। তেওঁ কয় যে ৰাজ্যৰ শান্তি-শৃংখলা বিনষ্ট কৰিব বিচৰাসকলক কোনো কাৰণতে ৰেহাই দিয়া নহ’ব। আৰক্ষীয়ে ইতিমধ্যে বিভিন্ন ঠাইত অভিযান চলাই কেইবাজনকো গ্ৰেপ্তাৰ কৰিছে। সামাজিক মাধ্যমত দেশবিৰোধী মন্তব্য কৰাসকলৰ ওপৰত চোকা দৃষ্টি ৰখা হৈছে। মুখ্যমন্ত্ৰীয়ে কয় যে দেশৰ নিৰাপত্তাৰ প্ৰশ্নত কোনো আপোচ কৰা নহ’ব। ■ নিৰ্বাচনী সভাত বক্তব্য ■ পঞ্চায়ত নিৰ্বাচনৰ প্ৰচাৰত অংশগ্ৰহণ কৰি মুখ্যমন্ত্ৰীয়ে বিভিন্ন উন্নয়নমূলক আঁচনিৰ কথা উল্লেখ কৰে। তেওঁ কয় যে গাঁৱলীয়া অঞ্চলৰ উন্নয়নৰ বাবে চৰকাৰে বহু আঁচনি হাতত লৈছে। ■ নিৰ্বাচনী সভাত মুখ্যমন্ত্ৰীৰ আহ্বান ■ তেওঁ ৰাইজক শান্তিপূৰ্ণভাৱে ভোটদান কৰিবলৈ আহ্বান জনায়। ■ সুৰক্ষাৰ প্ৰশ্নত কঠোৰ নীতি ■ ৰাজ্য চৰকাৰে সীমান্ত অঞ্চলত নজৰদাৰী বৃদ্ধি কৰাৰ সিদ্ধান্ত লৈছে আৰু আৰক্ষীক সদা সতৰ্ক থাকিবলৈ নিৰ্দেশ দিছে।
মুখ্যমন্ত্ৰী ড০ হিমন্ত বিশ্ব শৰ্মাই কয় যে অসমত থাকি পাকিস্তানৰ প্ৰশংসা কৰাসকলৰ বিৰুদ্ধে কঠোৰ ব্যৱস্থা গ্ৰহণ কৰা হ’ব। তেওঁ কয় যে ৰাজ্যৰ শান্তি-শৃংখলা বিনষ্ট কৰিব বিচৰাসকলক কোনো কাৰণতে ৰেহাই দিয়া নহ’ব। আৰক্ষীয়ে ইতিমধ্যে বিভিন্ন ঠাইত অভিযান চলাই কেইবাজনকো গ্ৰেপ্তাৰ কৰিছে। সামাজিক মাধ্যমত দেশবিৰোধী মন্তব্য কৰাসকলৰ ওপৰত চোকা দৃষ্টি ৰখা হৈছে। মুখ্যমন্ত্ৰীয়ে কয় যে দেশৰ নিৰাপত্তাৰ প্ৰশ্নত কোনো আপোচ কৰা নহ’ব। ■ নিৰ্বাচনী সভাত বক্তব্য ■ পঞ্চায়ত নিৰ্বাচনৰ প্ৰচাৰত অংশগ্ৰহণ কৰি মুখ্যমন্ত্ৰীয়ে বিভিন্ন উন্নয়নমূলক আঁচনিৰ কথা উল্লেখ কৰে। তেওঁ কয় যে গাঁৱলীয়া অঞ্চলৰ উন্নয়নৰ বাবে চৰকাৰে বহু আঁচনি হাতত লৈছে। ■ নিৰ্বাচনী সভাত মুখ্যমন্ত্ৰীৰ আহ্বান ■ তেওঁ ৰাইজক শান্তিপূৰ্ণভাৱে ভোটদান কৰিবলৈ আহ্বান জনায়। ■ সুৰক্ষাৰ প্ৰশ্নত কঠোৰ নীতি ■ ৰাজ্য চৰকাৰে সীমান্ত অঞ্চলত নজৰদাৰী বৃদ্ধি কৰাৰ সিদ্ধান্ত লৈছে আৰু আৰক্ষীক সদা সতৰ্ক থাকিবলৈ নিৰ্দেশ দিছে। মুখ্যমন্ত্ৰী ড০ হিমন্ত বিশ্ব শৰ্মাই কয় যে অসমত থাকি পাকিস্তানৰ প্ৰশংসা কৰাসকলৰ বিৰুদ্ধে কঠোৰ ব্যৱস্থা গ্ৰহণ কৰা হ’ব। তেওঁ কয় যে ৰাজ্যৰ শান্তি-শৃংখলা বিনষ্ট কৰিব বিচৰাসকলক কোনো কাৰণতে ৰেহাই দিয়া নহ’ব। আৰক্ষীয়ে ইতিমধ্যে বিভিন্ন ঠাইত অভিযান চলাই কেইবাজনকো গ্ৰেপ্তাৰ কৰিছে। সামাজিক মাধ্যমত দেশবিৰোধী মন্তব্য কৰাসকলৰ ওপৰত চোকা দৃষ্টি ৰখা হৈছে। মুখ্যমন্ত্ৰীয়ে কয় যে দেশৰ নিৰাপত্তাৰ প্ৰশ্নত কোনো আপোচ কৰা নহ’ব। ■ নিৰ্বাচনী সভাত বক্তব্য ■ পঞ্চায়ত নিৰ্বাচনৰ প্ৰচাৰত অংশগ্ৰহণ কৰি মুখ্যমন্ত্ৰীয়ে বিভিন্ন উন্নয়নমূলক আঁচনিৰ কথা উল্লেখ কৰে। তেওঁ কয় যে গাঁৱলীয়া অঞ্চলৰ উন্নয়নৰ বাবে চৰকাৰে বহু আঁচনি হাতত লৈছে। ■ নিৰ্বাচনী সভাত মুখ্যমন্ত্ৰীৰ আহ্বান ■ তেওঁ ৰাইজক শান্তিপূৰ্ণভাৱে ভোটদান কৰিবলৈ আহ্বান জনায়। ■ সুৰক্ষাৰ প্ৰশ্নত কঠোৰ নীতি ■ ৰাজ্য চৰকাৰে সীমান্ত অঞ্চলত নজৰদাৰী বৃদ্ধি কৰাৰ সিদ্ধান্ত লৈছে আৰু আৰক্ষীক সদা সতৰ্ক থাকিবলৈ নিৰ্দেশ দিছে। মুখ্যমন্ত্ৰী ড০ হিমন্ত বিশ্ব শৰ্মাই কয় যে অসমত থাকি পাকিস্তানৰ প্ৰশংসা কৰাসকলৰ বিৰুদ্ধে কঠোৰ ব্যৱস্থা গ্ৰহণ কৰা হ’ব। তেওঁ কয় যে ৰাজ্যৰ শান্তি-শৃংখলা বিনষ্ট কৰিব বিচৰাসকলক কোনো কাৰণতে ৰেহাই দিয়া নহ’ব। আৰক্ষীয়ে ইতিমধ্যে বিভিন্ন ঠাইত অভিযান চলাই কেইবাজনকো গ্ৰেপ্তাৰ কৰিছে। সামাজিক মাধ্যমত দেশবিৰোধী মন্তব্য কৰাসকলৰ ওপৰত চোকা দৃষ্টি ৰখা হৈছে। মুখ্যমন্ত্ৰীয়ে কয় যে দেশৰ নিৰাপত্তাৰ প্ৰশ্নত কোনো আপোচ কৰা নহ’ব। ■ নিৰ্বাচনী সভাত বক্তব্য ■ পঞ্চায়ত নিৰ্বাচনৰ প্ৰচাৰত অংশগ্ৰহণ কৰি মুখ্যমন্ত্ৰীয়ে বিভিন্ন উন্নয়নমূলক আঁচনিৰ কথা উল্লেখ কৰে। তেওঁ কয় যে গাঁৱলীয়া অঞ্চলৰ উন্নয়নৰ বাবে চৰকাৰে বহু আঁচনি হাতত লৈছে। ■ নিৰ্বাচনী সভাত মুখ্যমন্ত্ৰীৰ আহ্বান ■ তেওঁ ৰাইজক শান্তিপূৰ্ণভাৱে ভোটদান কৰিবলৈ আহ্বান জনায়। ■ সুৰক্ষাৰ প্ৰশ্নত কঠোৰ নীতি ■ ৰাজ্য চৰকাৰে সীমান্ত অঞ্চলত নজৰদাৰী বৃদ্ধি কৰাৰ সিদ্ধান্ত লৈছে আৰু আৰক্ষীক সদা সতৰ্ক থাকিবলৈ নিৰ্দেশ দিছে।
মুখ্যমন্ত্ৰী ড০ হিমন্ত বিশ্ব শৰ্মাই কয় যে অসমত থাকি পাকিস্তানৰ প্ৰশংসা কৰাসকলৰ বিৰুদ্ধে কঠোৰ ব্যৱস্থা গ্ৰহণ কৰা হ’ব। তেওঁ কয় যে ৰাজ্যৰ শান্তি-শৃংখলা বিনষ্ট কৰিব বিচৰাসকলক কোনো কাৰণতে ৰেহাই দিয়া নহ’ব। আৰক্ষীয়ে ইতিমধ্যে বিভিন্ন ঠাইত অভিযান চলাই কেইবাজনকো গ্ৰেপ্তাৰ কৰিছে। সামাজিক মাধ্যমত দেশবিৰোধী মন্তব্য কৰাসকলৰ ওপৰত চোকা দৃষ্টি ৰখা হৈছে। মুখ্যমন্ত্ৰীয়ে কয় যে দেশৰ নিৰাপত্তাৰ প্ৰশ্নত কোনো আপোচ কৰা নহ’ব। ■ নিৰ্বাচনী সভাত বক্তব্য ■ পঞ্চায়ত নিৰ্বাচনৰ প্ৰচাৰত অংশগ্ৰহণ কৰি মুখ্যমন্ত্ৰীয়ে বিভিন্ন উন্নয়নমূলক আঁচনিৰ কথা উল্লেখ কৰে। তেওঁ কয় যে গাঁৱলীয়া অঞ্চলৰ উন্নয়নৰ বাবে চৰকাৰে বহু আঁচনি হাতত লৈছে। ■ নিৰ্বাচনী সভাত মুখ্যমন্ত্ৰীৰ আহ্বান ■ তেওঁ ৰাইজক শান্তিপূৰ্ণভাৱে ভোটদান কৰিবলৈ আহ্বান জনায়। ■ সুৰক্ষাৰ প্ৰশ্নত কঠোৰ নীতি ■ ৰাজ্য চৰকাৰে সীমান্ত অঞ্চলত নজৰদাৰী বৃদ্ধি কৰাৰ সিদ্ধান্ত লৈছে আৰু আৰক্ষীক সদা সতৰ্ক থাকিবলৈ নিৰ্দেশ দিছে। মুখ্যমন্ত্ৰী ড০ হিমন্ত বিশ্ব শৰ্মাই কয় যে অসমত থাকি পাকিস্তানৰ প্ৰশংসা কৰাসকলৰ বিৰুদ্ধে কঠোৰ ব্যৱস্থা গ্ৰহণ কৰা হ’ব। তেওঁ কয় যে ৰাজ্যৰ শান্তি-শৃংখলা বিনষ্ট কৰিব বিচৰাসকলক কোনো কাৰণতে ৰেহাই দিয়া নহ’ব। আৰক্ষীয়ে ইতিমধ্যে বিভিন্ন ঠাইত অভিযান চলাই কেইবাজনকো গ্ৰেপ্তাৰ কৰিছে। সামাজিক মাধ্যমত দেশবিৰোধী মন্তব্য কৰাসকলৰ ওপৰত চোকা দৃষ্টি ৰখা হৈছে। মুখ্যমন্ত্ৰীয়ে কয় যে দেশৰ নিৰাপত্তাৰ প্ৰশ্নত কোনো আপোচ কৰা নহ’ব। ■ নিৰ্বাচনী সভাত বক্তব্য ■ পঞ্চায়ত নিৰ্বাচনৰ প্ৰচাৰত অংশগ্ৰহণ কৰি মুখ্যমন্ত্ৰীয়ে বিভিন্ন উন্নয়নমূলক আঁচনিৰ কথা উল্লেখ কৰে। তেওঁ কয় যে গাঁৱলীয়া অঞ্চলৰ উন্নয়নৰ বাবে চৰকাৰে বহু আঁচনি হাতত লৈছে। ■ নিৰ্বাচনী সভাত মুখ্যমন্ত্ৰীৰ আহ্বান ■ তেওঁ ৰাইজক শান্তিপূৰ্ণভাৱে ভোটদান কৰিবলৈ আহ্বান জনায়। ■ সুৰক্ষাৰ প্ৰশ্নত কঠোৰ নীতি ■ ৰাজ্য চৰকাৰে সীমান্ত অঞ্চলত নজৰদাৰী বৃদ্ধি কৰাৰ সিদ্ধান্ত লৈছে আৰু আৰক্ষীক সদা সতৰ্ক থাকিবলৈ নিৰ্দেশ দিছে। মুখ্যমন্ত্ৰী ড০ হিমন্ত বিশ্ব শৰ্মাই কয় যে অসমত থাকি পাকিস্তানৰ প্ৰশংসা কৰাসকলৰ বিৰুদ্ধে কঠোৰ ব্যৱস্থা গ্ৰহণ কৰা হ’ব। তেওঁ কয় যে ৰাজ্যৰ শান্তি-শৃংখলা বিনষ্ট কৰিব বিচৰাসকলক কোনো কাৰণতে ৰেহাই দিয়া নহ’ব। আৰক্ষীয়ে ইতিমধ্যে বিভিন্ন ঠাইত অভিযান চলাই কেইবাজনকো গ্ৰেপ্তাৰ কৰিছে। সামাজিক মাধ্যমত দেশবিৰোধী মন্তব্য কৰাসকলৰ ওপৰত চোকা দৃষ্টি ৰখা হৈছে। মুখ্যমন্ত্ৰীয়ে কয় যে দেশৰ নিৰাপত্তাৰ প্ৰশ্নত কোনো আপোচ কৰা নহ’ব। ■ নিৰ্বাচনী সভাত বক্তব্য ■ পঞ্চায়ত নিৰ্বাচনৰ প্ৰচাৰত অংশগ্ৰহণ কৰি মুখ্যমন্ত্ৰীয়ে বিভিন্ন উন্নয়নমূলক আঁচনিৰ কথা উল্লেখ কৰে। তেওঁ কয় যে গাঁৱলীয়া অঞ্চলৰ উন্নয়নৰ বাবে চৰকাৰে বহু আঁচনি হাতত লৈছে। ■ নিৰ্বাচনী সভাত মুখ্যমন্ত্ৰীৰ আহ্বান ■ তেওঁ ৰাইজক শান্তিপূৰ্ণভাৱে ভোটদান কৰিবলৈ আহ্বান জনায়। ■ সুৰক্ষাৰ প্ৰশ্নত কঠোৰ নীতি ■ ৰাজ্য চৰকাৰে সীমান্ত অঞ্চলত নজৰদাৰী বৃদ্ধি কৰাৰ সিদ্ধান্ত লৈছে আৰু আৰক্ষীক সদা সতৰ্ক থাকিবলৈ নিৰ্দেশ দিছে।
মুখ্যমন্ত্ৰী ড০ হিমন্ত বিশ্ব শৰ্মাই কয় যে অসমত থাকি পাকিস্তানৰ প্ৰশংসা কৰাসকলৰ বিৰুদ্ধে কঠোৰ ব্যৱস্থা গ্ৰহণ কৰা হ’ব। তেওঁ কয় যে ৰাজ্যৰ শান্তি-শৃংখলা বিনষ্ট কৰিব বিচৰাসকলক কোনো কাৰণতে ৰেহাই দিয়া নহ’ব। আৰক্ষীয়ে ইতিমধ্যে বিভিন্ন ঠাইত অভিযান চলাই কেইবাজনকো গ্ৰেপ্তাৰ কৰিছে। সামাজিক মাধ্যমত দেশবিৰোধী মন্তব্য কৰাসকলৰ ওপৰত চোকা দৃষ্টি ৰখা হৈছে। মুখ্যমন্ত্ৰীয়ে কয় যে দেশৰ নিৰাপত্তাৰ প্ৰশ্নত কোনো আপোচ কৰা নহ’ব। ■ নিৰ্বাচনী সভাত বক্তব্য ■ পঞ্চায়ত নিৰ্বাচনৰ প্ৰচাৰত অংশগ্ৰহণ কৰি মুখ্যমন্ত্ৰীয়ে বিভিন্ন উন্নয়নমূলক আঁচনিৰ কথা উল্লেখ কৰে। তেওঁ কয় যে গাঁৱলীয়া অঞ্চলৰ উন্নয়নৰ বাবে চৰকাৰে বহু আঁচনি হাতত লৈছে। ■ নিৰ্বাচনী সভাত মুখ্যমন্ত্ৰীৰ আহ্বান ■ তেওঁ ৰাইজক শান্তিপূৰ্ণভাৱে ভোটদান কৰিবলৈ আহ্বান জনায়। ■ সুৰক্ষাৰ প্ৰশ্নত কঠোৰ নীতি ■ ৰাজ্য চৰকাৰে সীমান্ত অঞ্চলত নজৰদাৰী বৃদ্ধি কৰাৰ সিদ্ধান্ত লৈছে আৰু আৰক্ষীক সদা সতৰ্ক থাকিবলৈ নিৰ্দেশ দিছে। মুখ্যমন্ত্ৰী ড০ হিমন্ত বিশ্ব শৰ্মাই কয় যে অসমত থাকি পাকিস্তানৰ প্ৰশংসা কৰাসকলৰ বিৰুদ্ধে কঠোৰ ব্যৱস্থা গ্ৰহণ কৰা হ’ব। তেওঁ কয় যে ৰাজ্যৰ শান্তি-শৃংখলা বিনষ্ট কৰিব বিচৰাসকলক কোনো কাৰণতে ৰেহাই দিয়া নহ’ব। আৰক্ষীয়ে ইতিমধ্যে বিভিন্ন ঠাইত অভিযান চলাই কেইবাজনকো গ্ৰেপ্তাৰ কৰিছে। সামাজিক মাধ্যমত দেশবিৰোধী মন্তব্য কৰাসকলৰ ওপৰত চোকা দৃষ্টি ৰখা হৈছে। মুখ্যমন্ত্ৰীয়ে কয় যে দেশৰ নিৰাপত্তাৰ প্ৰশ্নত কোনো আপোচ কৰা নহ’ব। ■ নিৰ্বাচনী সভাত বক্তব্য ■ পঞ্চায়ত নিৰ্বাচনৰ প্ৰচাৰত অংশগ্ৰহণ কৰি মুখ্যমন্ত্ৰীয়ে বিভিন্ন উন্নয়নমূলক আঁচনিৰ কথা উল্লেখ কৰে। তেওঁ কয় যে গাঁৱলীয়া অঞ্চলৰ উন্নয়নৰ বাবে চৰকাৰে বহু আঁচনি হাতত লৈছে। ■ নিৰ্বাচনী সভাত মুখ্যমন্ত্ৰীৰ আহ্বান ■ তেওঁ ৰাইজক শান্তিপূৰ্ণভাৱে ভোটদান কৰিবলৈ আহ্বান জনায়। ■ সুৰক্ষাৰ প্ৰশ্নত কঠোৰ নীতি ■ ৰাজ্য চৰকাৰে সীমান্ত অঞ্চলত নজৰদাৰী বৃদ্ধি কৰাৰ সিদ্ধান্ত লৈছে আৰু আৰক্ষীক সদা সতৰ্ক থাকিবলৈ নিৰ্দেশ দিছে। মুখ্যমন্ত্ৰী ড০ হিমন্ত বিশ্ব শৰ্মাই কয় যে অসমত থাকি পাকিস্তানৰ প্ৰশংসা কৰাসকলৰ বিৰুদ্ধে কঠোৰ ব্যৱস্থা গ্ৰহণ কৰা হ’ব। তেওঁ কয় যে ৰাজ্যৰ শান্তি-শৃংখলা বিনষ্ট কৰিব বিচৰাসকলক কোনো কাৰণতে ৰেহাই দিয়া নহ’ব। আৰক্ষীয়ে ইতিমধ্যে বিভিন্ন ঠাইত অভিযান চলাই কেইবাজনকো গ্ৰেপ্তাৰ কৰিছে। সামাজিক মাধ্যমত দেশবিৰোধী মন্তব্য কৰাসকলৰ ওপৰত চোকা দৃষ্টি ৰখা হৈছে। মুখ্যমন্ত্ৰীয়ে কয় যে দেশৰ নিৰাপত্তাৰ প্ৰশ্নত কোনো আপোচ কৰা নহ’ব। ■ নিৰ্বাচনী সভাত বক্তব্য ■ পঞ্চায়ত নিৰ্বাচনৰ প্ৰচাৰত অংশগ্ৰহণ কৰি মুখ্যমন্ত্ৰীয়ে বিভিন্ন উন্নয়নমূলক আঁচনিৰ কথা উল্লেখ কৰে। তেওঁ কয় যে গাঁৱলীয়া অঞ্চলৰ উন্নয়নৰ বাবে চৰকাৰে বহু আঁচনি হাতত লৈছে। ■ নিৰ্বাচনী সভাত মুখ্যমন্ত্ৰীৰ আহ্বান ■ তেওঁ ৰাইজক শান্তিপূৰ্ণভাৱে ভোটদান কৰিবলৈ আহ্বান জনায়। ■ সুৰক্ষাৰ প্ৰশ্নত কঠোৰ নীতি ■ ৰাজ্য চৰকাৰে সীমান্ত অঞ্চলত নজৰদাৰী বৃদ্ধি কৰাৰ সিদ্ধান্ত লৈছে আৰু আৰক্ষীক সদা সতৰ্ক থাকিবলৈ নিৰ্দেশ দিছে।
Laparoscopic
Gynaecological Surgery
Advantages: Less Pain | Minimal Scars | Quick Recovery Shorter Hospital Stay And Many More
Experience the Advantages of LAPAROSCOPIC GYNAE SURGERY
Consultant :
Dr. Rituparna Baruah Laparoscopic Gynae Surgeon
SRIMANTA SANKARDEVA HOSPITAL
Mancotta Road, Dibrugarh
More information call us	☎ +91 9365881431 / 0373 2327717
CHANDRAPRABHA
OPTICALS
essilor
The best and the only one in North-East
Essilor NEKSIA 600 Edger Machine
Trust us - We promise you the best
Open daily 9am to 7pm.
Sunday closed
Contact : Chandraprabha Eye Hospital
K.K.Handique Path, Jorhat - 785001 Assam
SIGHT PLUS
The Eye Care Centre
(A Unit of Jorhat Eye Care Foundation)
চাইট প্লাছ
Dr. Sanjib Buragohain MBBS, MS (Ophthalmology) Phaco & Glaucoma Surgeon
Fellow Mahatme Eye Bank & Eye Hospital, Nagpur (Phaco & IOL). Trained in Glaucoma, Aravind Eye Hospital, Madurai. Ex Consultant, Nirmal Eye Institute, Rishikesh. Ex Consultant, Tezpur Eye Hospital, Tezpur
Dr. Jayashree Baruah MBBS, MS (Ophthalmology) Anterior Segment & Phaco Surgeon
Fellow Sri Sankaradeva Nethralaya, Guwahati (Comprehensive Ophthalmology). Trained in Medical Retina, Aravind Eye Hospital, Madurai. Ex Consultant, Nirmal Eye Institute, Rishikesh. Ex Consultant, Tezpur Eye Hospital, Tezpur
15 years of experience in Ophthalmology.
Performed more than 30,000 surgeries individually.
10 years of experience of managing eye hospital.
Organised more than 1000 free eye camps.
Cataract • Glaucoma • Retina • Oculoplasty • Cornea • Paediatric Ophthalmology • Optical
Timings Monday to Saturday (8 AM - 7 PM) | Sunday (8 AM - 1 PM)
Contact : 6001686127, 6001686422, +91 370 706 010
Pattani
CHAUKHAT WINE	ডব্লিউ পি চি
প্লাই/চৌকাঠ/দুৱাৰ
১। ঘুণ আৰু উঁইৰ পৰা সুৰক্ষিত
২। ডাৰ্মিট প্ৰুফ
৩। জলৰোধী
৪। বতৰ সহনশীল
৫। ব্যৱহাৰৰ বাবে সহজ
৬। কম্বল নকৰা
৭। বিভিন্ন আকাৰ উপলব্ধ
৮। অল্প দাম
৯। গ্ৰাহকৰ চাহিদা অনুসৰি
১০। বহু কাল স্থায়ী
পাট্টানী লেমিনেটচ্ উপ্লাইজ
ডিব্ৰুগড়, মনিহাৰী পট্টি, মোবাইল নং
ফোন নং: ৯১৩৩৫৪৭৫৩৫
চিপি হেল্থ ক্লিনিক
আপোনাৰ স্বাস্থ্য আমাৰ অগ্ৰাধিকাৰ
পঞ্জীয়ন নং : ১৮৩১১০০২০৩
চিপি মেডিকেলৰ ওচৰত, মাৰ্চেন্টাইল, ডিব্ৰুগড়-১
ডঃ অনন্ত কলিতা (চি চি এইচ)
মেডিছিন, শিশুৰোগ বিশেষজ্ঞ
মেডিছিন, শিশুৰোগ বিশেষজ্ঞ
ডঃ ৰূপজ্যোতি হাজৰিকা
এম.বি.বি.এছ, এম.ডি
ডঃ ৰেজাউ পাঠক
এম বি বি এছ, এম এছ
মেডিছিন অপিচিড, দন্ত চিকিৎসা অপিচিড, ই এন টি অপিচিড
৯৩৮৭১৭৫৬২০, ৯৩৬৫৫৮২৩৩৯
